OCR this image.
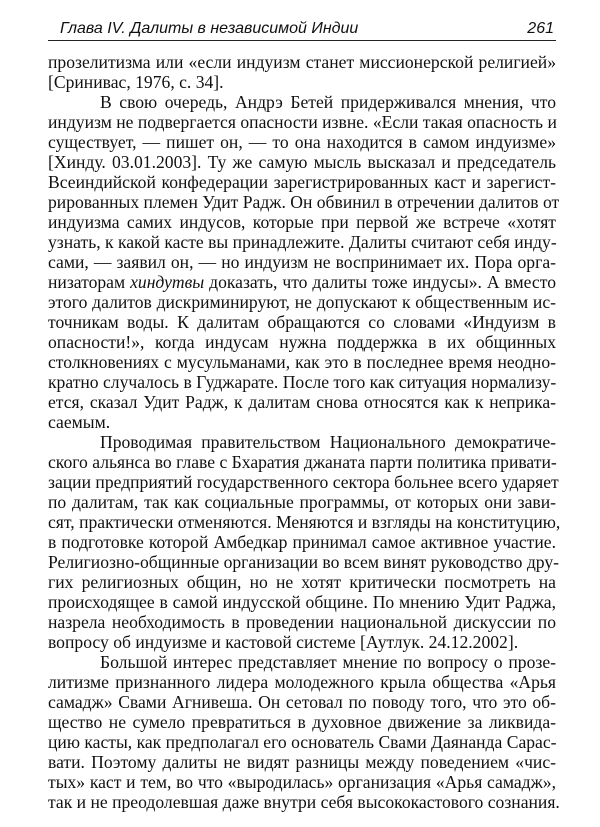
Глава IV. Далиты в независимой Индии	261
прозелитизма или «если индуизм станет миссионерской религией»
[Сринивас, 1976, с. 34].
В свою очередь, Андрэ Бетей придерживался мнения, что
индуизм не подвергается опасности извне. «Если такая опасность и
существует, — пишет он, — то она находится в самом индуизме»
[Хинду. 03.01.2003]. Ту же самую мысль высказал и председатель
Всеиндийской конфедерации зарегистрированных каст и зарегист-
рированных племен Удит Радж. Он обвинил в отречении далитов от
индуизма самих индусов, которые при первой же встрече «хотят
узнать, к какой касте вы принадлежите. Далиты считают себя инду-
сами, — заявил он, — но индуизм не воспринимает их. Пора орга-
низаторам хиндутвы доказать, что далиты тоже индусы». А вместо
этого далитов дискриминируют, не допускают к общественным ис-
точникам воды. К далитам обращаются со словами «Индуизм в
опасности!», когда индусам нужна поддержка в их общинных
столкновениях с мусульманами, как это в последнее время неодно-
кратно случалось в Гуджарате. После того как ситуация нормализу-
ется, сказал Удит Радж, к далитам снова относятся как к неприка-
саемым.
Проводимая правительством Национального демократиче-
ского альянса во главе с Бхаратия джаната парти политика привати-
зации предприятий государственного сектора больнее всего ударяет
по далитам, так как социальные программы, от которых они зави-
сят, практически отменяются. Меняются и взгляды на конституцию,
в подготовке которой Амбедкар принимал самое активное участие.
Религиозно-общинные организации во всем винят руководство дру-
гих религиозных общин, но не хотят критически посмотреть на
происходящее в самой индусской общине. По мнению Удит Раджа,
назрела необходимость в проведении национальной дискуссии по
вопросу об индуизме и кастовой системе [Аутлук. 24.12.2002].
Большой интерес представляет мнение по вопросу о прозе-
литизме признанного лидера молодежного крыла общества «Арья
самадж» Свами Агнивеша. Он сетовал по поводу того, что это об-
щество не сумело превратиться в духовное движение за ликвида-
цию касты, как предполагал его основатель Свами Даянанда Сарас-
вати. Поэтому далиты не видят разницы между поведением «чис-
тых» каст и тем, во что «выродилась» организация «Арья самадж»,
так и не преодолевшая даже внутри себя высококастового сознания.
